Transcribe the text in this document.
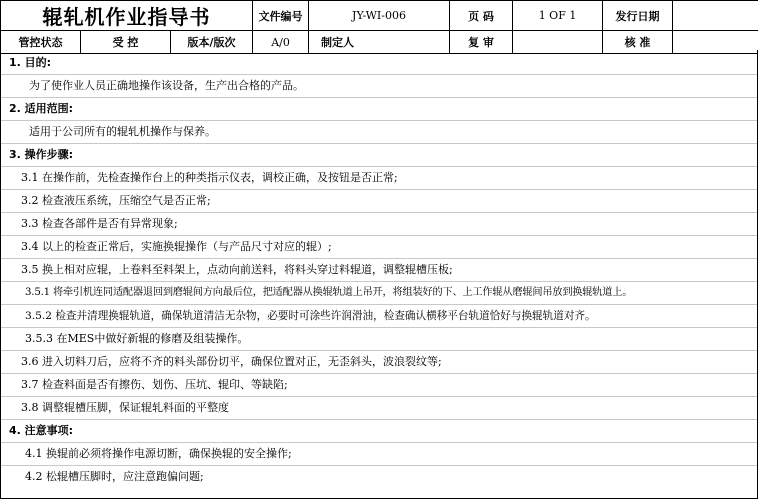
辊轧机作业指导书			文件编号	JY-WI-006	页 码	1 OF 1	发行日期	
管控状态	受 控	版本/版次	A/0	制定人	复 审		核 准	
1. 目的:
为了使作业人员正确地操作该设备，生产出合格的产品。
2. 适用范围:
适用于公司所有的辊轧机操作与保养。
3. 操作步骤:
3.1 在操作前，先检查操作台上的种类指示仪表，调校正确，及按钮是否正常;
3.2 检查液压系统，压缩空气是否正常;
3.3 检查各部件是否有异常现象;
3.4 以上的检查正常后，实施换辊操作（与产品尺寸对应的辊）;
3.5 换上相对应辊，上卷料至料架上，点动向前送料，将料头穿过料辊道，调整辊槽压板;
3.5.1 将牵引机连同适配器退回到磨辊间方向最后位，把适配器从换辊轨道上吊开，将组装好的下、上工作辊从磨辊间吊放到换辊轨道上。
3.5.2 检查并清理换辊轨道，确保轨道清洁无杂物，必要时可涂些许润滑油，检查确认横移平台轨道恰好与换辊轨道对齐。
3.5.3 在MES中做好新辊的修磨及组装操作。
3.6 进入切料刀后，应将不齐的料头部份切平，确保位置对正，无歪斜头，波浪裂纹等;
3.7 检查料面是否有擦伤、划伤、压坑、辊印、等缺陷;
3.8 调整辊槽压脚，保证辊轧料面的平整度
4. 注意事项:
4.1 换辊前必须将操作电源切断，确保换辊的安全操作;
4.2 松辊槽压脚时，应注意跑偏问题;
